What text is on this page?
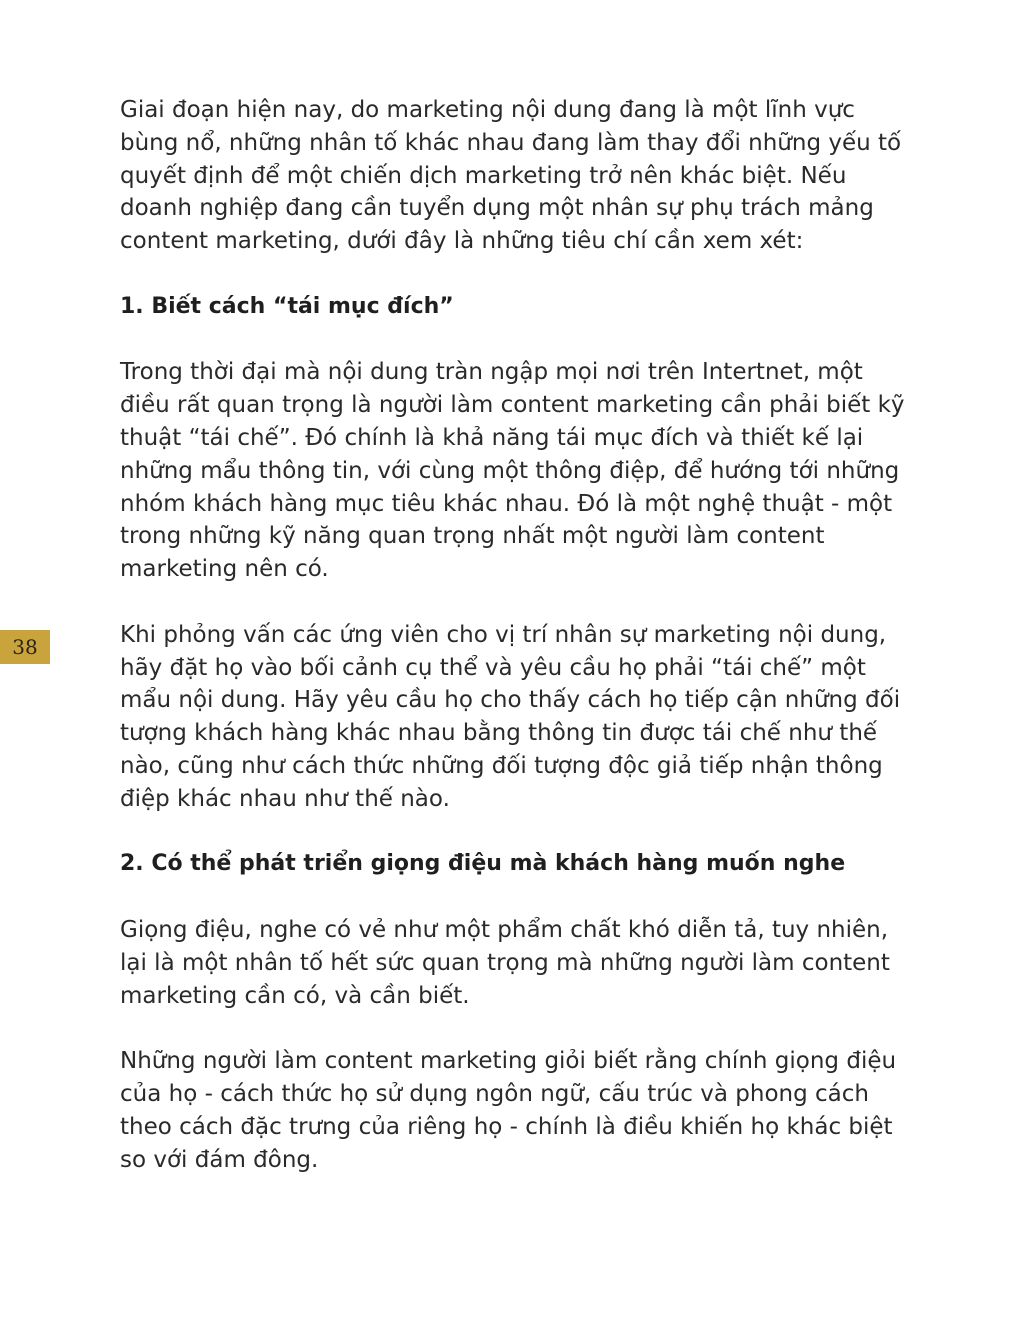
Giai đoạn hiện nay, do marketing nội dung đang là một lĩnh vực bùng nổ, những nhân tố khác nhau đang làm thay đổi những yếu tố quyết định để một chiến dịch marketing trở nên khác biệt. Nếu doanh nghiệp đang cần tuyển dụng một nhân sự phụ trách mảng content marketing, dưới đây là những tiêu chí cần xem xét:

1. Biết cách “tái mục đích”

Trong thời đại mà nội dung tràn ngập mọi nơi trên Intertnet, một điều rất quan trọng là người làm content marketing cần phải biết kỹ thuật “tái chế”. Đó chính là khả năng tái mục đích và thiết kế lại những mẩu thông tin, với cùng một thông điệp, để hướng tới những nhóm khách hàng mục tiêu khác nhau. Đó là một nghệ thuật - một trong những kỹ năng quan trọng nhất một người làm content marketing nên có.

Khi phỏng vấn các ứng viên cho vị trí nhân sự marketing nội dung, hãy đặt họ vào bối cảnh cụ thể và yêu cầu họ phải “tái chế” một mẩu nội dung. Hãy yêu cầu họ cho thấy cách họ tiếp cận những đối tượng khách hàng khác nhau bằng thông tin được tái chế như thế nào, cũng như cách thức những đối tượng độc giả tiếp nhận thông điệp khác nhau như thế nào.

2. Có thể phát triển giọng điệu mà khách hàng muốn nghe

Giọng điệu, nghe có vẻ như một phẩm chất khó diễn tả, tuy nhiên, lại là một nhân tố hết sức quan trọng mà những người làm content marketing cần có, và cần biết.

Những người làm content marketing giỏi biết rằng chính giọng điệu của họ - cách thức họ sử dụng ngôn ngữ, cấu trúc và phong cách theo cách đặc trưng của riêng họ - chính là điều khiến họ khác biệt so với đám đông.

38
